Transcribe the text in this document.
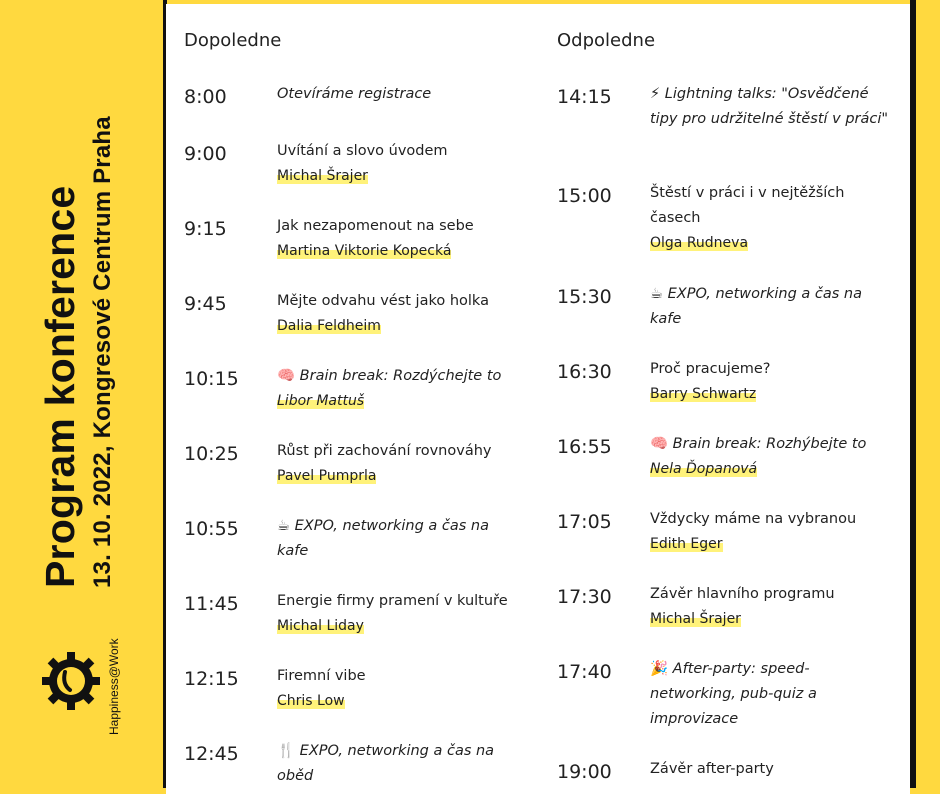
Program konference 13. 10. 2022, Kongresové Centrum Praha
Happiness@Work
Dopoledne
8:00	Otevíráme registrace
9:00	Uvítání a slovo úvodem
Michal Šrajer
9:15	Jak nezapomenout na sebe
Martina Viktorie Kopecká
9:45	Mějte odvahu vést jako holka
Dalia Feldheim
10:15	🧠 Brain break: Rozdýchejte to
Libor Mattuš
10:25	Růst při zachování rovnováhy
Pavel Pumprla
10:55	☕ EXPO, networking a čas na kafe
11:45	Energie firmy pramení v kultuře
Michal Liday
12:15	Firemní vibe
Chris Low
12:45	🍴 EXPO, networking a čas na oběd
Odpoledne
14:15	⚡ Lightning talks: "Osvědčené tipy pro udržitelné štěstí v práci"
15:00	Štěstí v práci i v nejtěžších časech
Olga Rudneva
15:30	☕ EXPO, networking a čas na kafe
16:30	Proč pracujeme?
Barry Schwartz
16:55	🧠 Brain break: Rozhýbejte to
Nela Ďopanová
17:05	Vždycky máme na vybranou
Edith Eger
17:30	Závěr hlavního programu
Michal Šrajer
17:40	🎉 After-party: speed-networking, pub-quiz a improvizace
19:00	Závěr after-party
